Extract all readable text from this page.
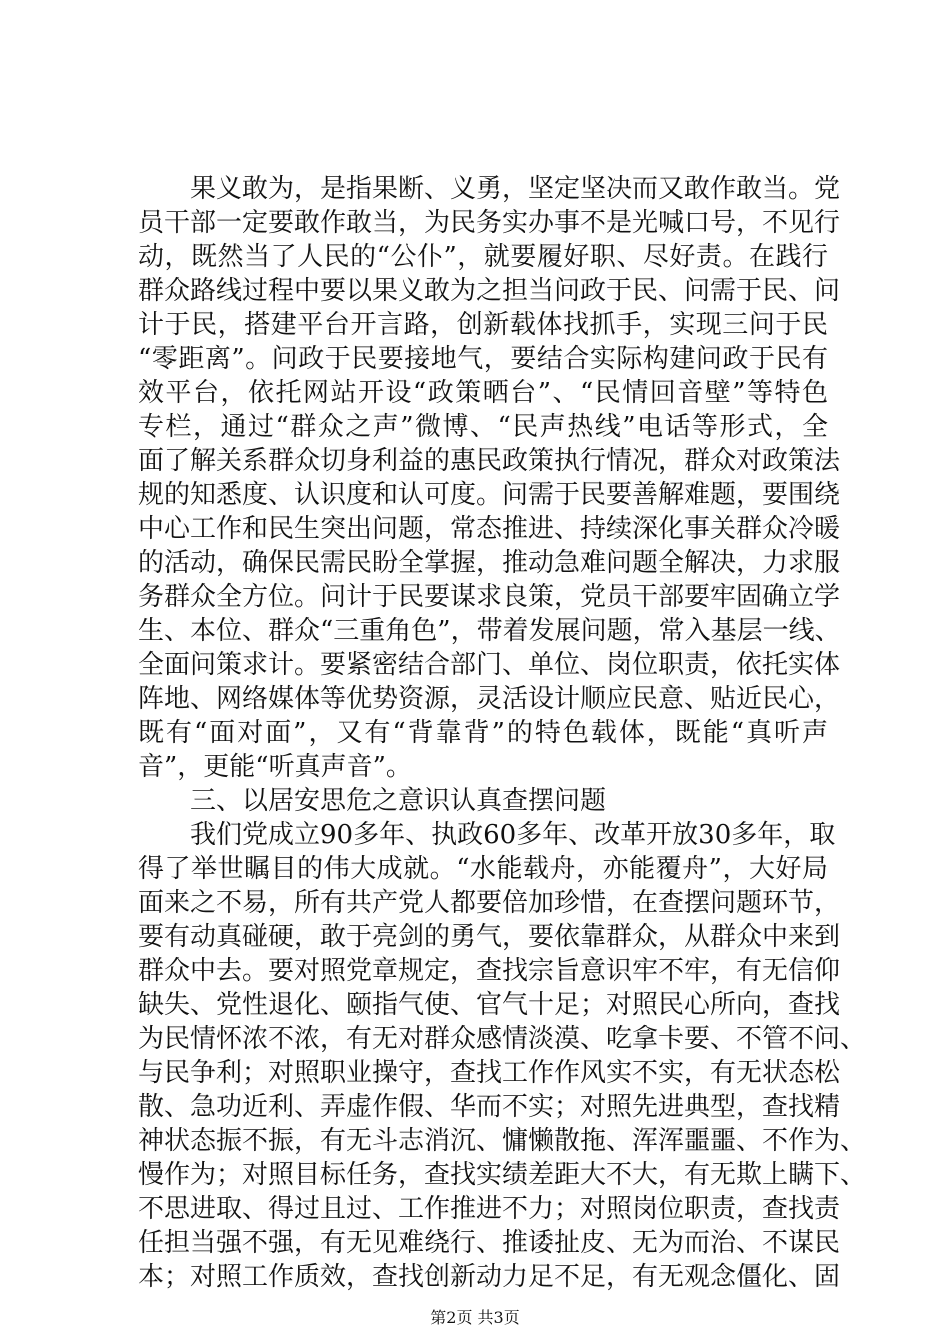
果义敢为，是指果断、义勇，坚定坚决而又敢作敢当。党
员干部一定要敢作敢当，为民务实办事不是光喊口号，不见行
动，既然当了人民的“公仆”，就要履好职、尽好责。在践行
群众路线过程中要以果义敢为之担当问政于民、问需于民、问
计于民，搭建平台开言路，创新载体找抓手，实现三问于民
“零距离”。问政于民要接地气，要结合实际构建问政于民有
效平台，依托网站开设“政策晒台”、“民情回音壁”等特色
专栏，通过“群众之声”微博、“民声热线”电话等形式，全
面了解关系群众切身利益的惠民政策执行情况，群众对政策法
规的知悉度、认识度和认可度。问需于民要善解难题，要围绕
中心工作和民生突出问题，常态推进、持续深化事关群众冷暖
的活动，确保民需民盼全掌握，推动急难问题全解决，力求服
务群众全方位。问计于民要谋求良策，党员干部要牢固确立学
生、本位、群众“三重角色”，带着发展问题，常入基层一线、
全面问策求计。要紧密结合部门、单位、岗位职责，依托实体
阵地、网络媒体等优势资源，灵活设计顺应民意、贴近民心，
既有“面对面”，又有“背靠背”的特色载体，既能“真听声
音”，更能“听真声音”。
三、以居安思危之意识认真查摆问题
我们党成立90多年、执政60多年、改革开放30多年，取
得了举世瞩目的伟大成就。“水能载舟，亦能覆舟”，大好局
面来之不易，所有共产党人都要倍加珍惜，在查摆问题环节，
要有动真碰硬，敢于亮剑的勇气，要依靠群众，从群众中来到
群众中去。要对照党章规定，查找宗旨意识牢不牢，有无信仰
缺失、党性退化、颐指气使、官气十足；对照民心所向，查找
为民情怀浓不浓，有无对群众感情淡漠、吃拿卡要、不管不问、
与民争利；对照职业操守，查找工作作风实不实，有无状态松
散、急功近利、弄虚作假、华而不实；对照先进典型，查找精
神状态振不振，有无斗志消沉、慵懒散拖、浑浑噩噩、不作为、
慢作为；对照目标任务，查找实绩差距大不大，有无欺上瞒下、
不思进取、得过且过、工作推进不力；对照岗位职责，查找责
任担当强不强，有无见难绕行、推诿扯皮、无为而治、不谋民
本；对照工作质效，查找创新动力足不足，有无观念僵化、固
第2页 共3页
